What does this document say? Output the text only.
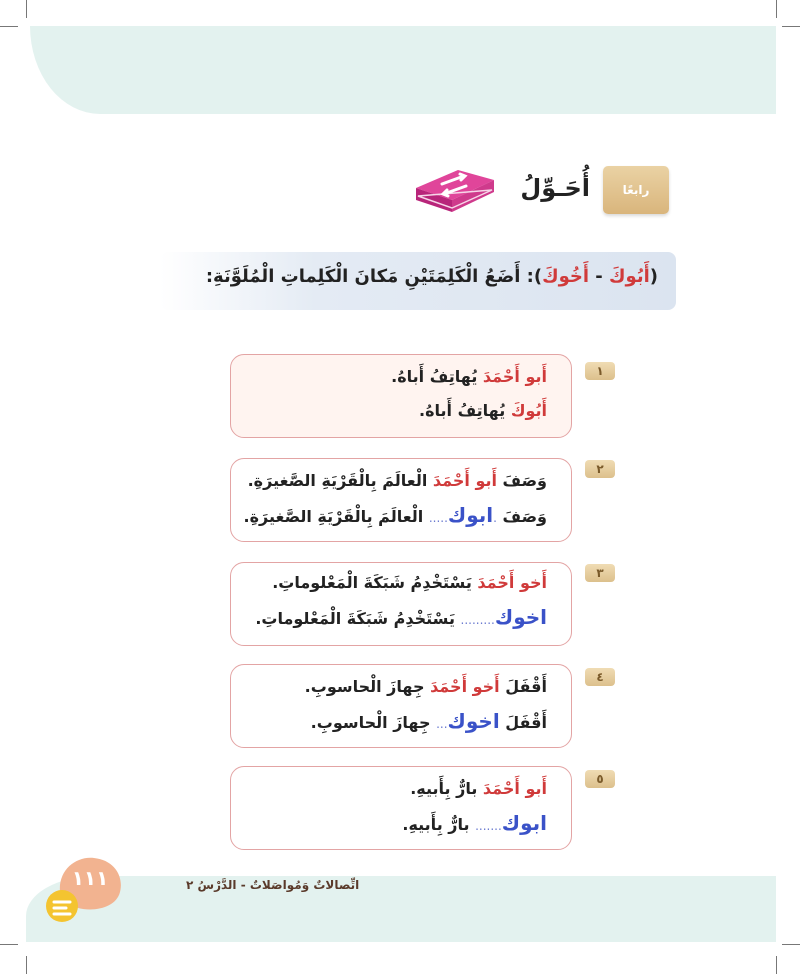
رابعًا
أُحَـوِّلُ
(أَبُوكَ - أَخُوكَ): أَضَعُ الْكَلِمَتَيْنِ مَكانَ الْكَلِماتِ الْمُلَوَّنَةِ:
١
أَبو أَحْمَدَ يُهاتِفُ أَباهُ.
أَبُوكَ يُهاتِفُ أَباهُ.
٢
وَصَفَ أَبو أَحْمَدَ الْعالَمَ بِالْقَرْيَةِ الصَّغيرَةِ.
وَصَفَ .ابوك..... الْعالَمَ بِالْقَرْيَةِ الصَّغيرَةِ.
٣
أَخو أَحْمَدَ يَسْتَخْدِمُ شَبَكَةَ الْمَعْلوماتِ.
اخوك......... يَسْتَخْدِمُ شَبَكَةَ الْمَعْلوماتِ.
٤
أَقْفَلَ أَخو أَحْمَدَ جِهازَ الْحاسوبِ.
أَقْفَلَ اخوك... جِهازَ الْحاسوبِ.
٥
أَبو أَحْمَدَ بارٌّ بِأَبيهِ.
ابوك....... بارٌّ بِأَبيهِ.
١١١	اتِّصالاتٌ وَمُواصَلاتٌ - الدَّرْسُ ٢
